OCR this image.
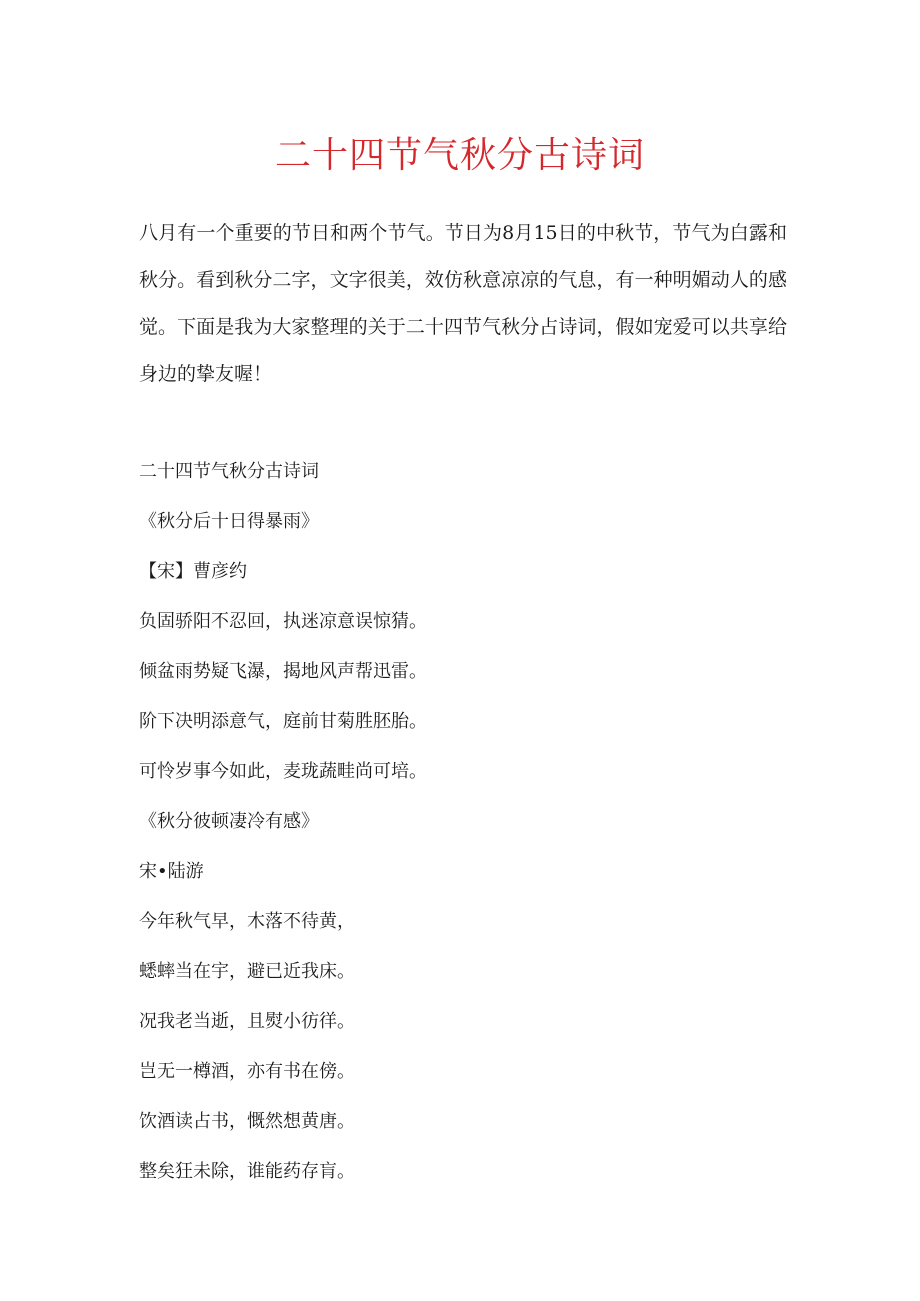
二十四节气秋分古诗词

八月有一个重要的节日和两个节气。节日为8月15日的中秋节，节气为白露和秋分。看到秋分二字，文字很美，效仿秋意凉凉的气息，有一种明媚动人的感觉。下面是我为大家整理的关于二十四节气秋分占诗词，假如宠爱可以共享给身边的挚友喔！

二十四节气秋分古诗词
《秋分后十日得暴雨》
【宋】曹彦约
负固骄阳不忍回，执迷凉意误惊猜。
倾盆雨势疑飞瀑，揭地风声帮迅雷。
阶下决明添意气，庭前甘菊胜胚胎。
可怜岁事今如此，麦珑蔬畦尚可培。
《秋分彼顿凄冷有感》
宋•陆游
今年秋气早，木落不待黄，
蟋蟀当在宇，避已近我床。
况我老当逝，且熨小彷徉。
岂无一樽酒，亦有书在傍。
饮酒读占书，慨然想黄唐。
整矣狂未除，谁能药存肓。
